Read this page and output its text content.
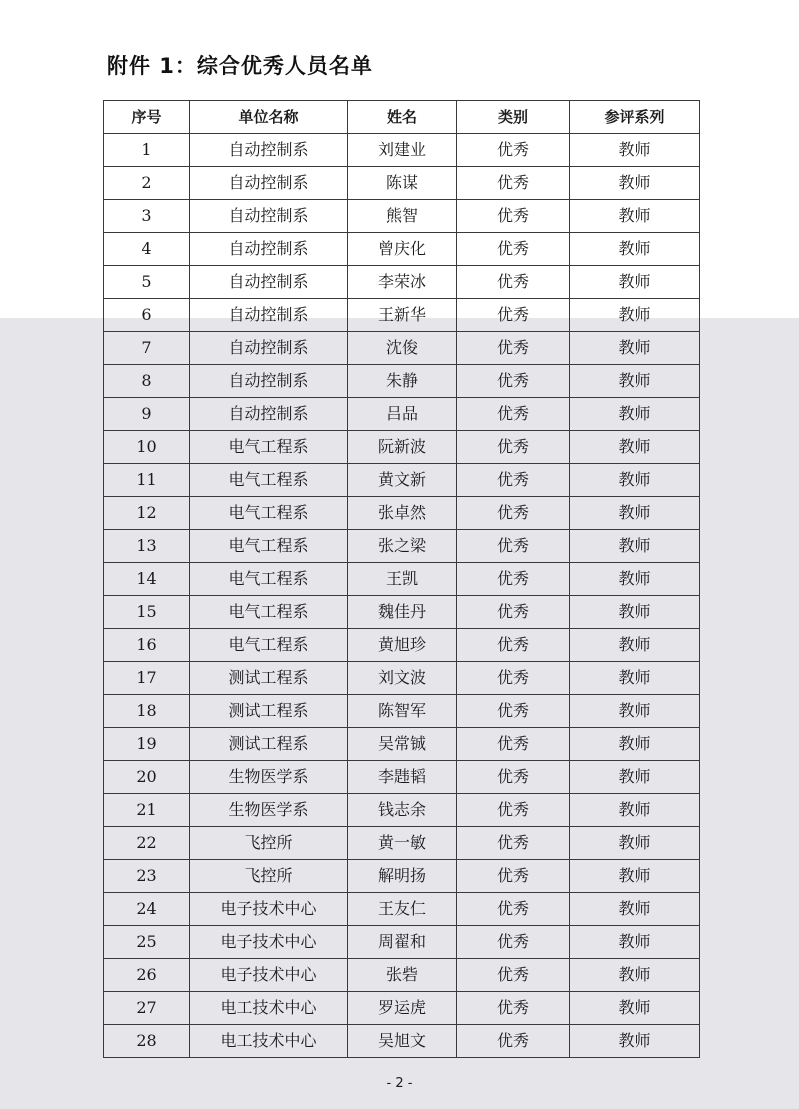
附件 1：综合优秀人员名单
序号	单位名称	姓名	类别	参评系列
1	自动控制系	刘建业	优秀	教师
2	自动控制系	陈谋	优秀	教师
3	自动控制系	熊智	优秀	教师
4	自动控制系	曾庆化	优秀	教师
5	自动控制系	李荣冰	优秀	教师
6	自动控制系	王新华	优秀	教师
7	自动控制系	沈俊	优秀	教师
8	自动控制系	朱静	优秀	教师
9	自动控制系	吕品	优秀	教师
10	电气工程系	阮新波	优秀	教师
11	电气工程系	黄文新	优秀	教师
12	电气工程系	张卓然	优秀	教师
13	电气工程系	张之梁	优秀	教师
14	电气工程系	王凯	优秀	教师
15	电气工程系	魏佳丹	优秀	教师
16	电气工程系	黄旭珍	优秀	教师
17	测试工程系	刘文波	优秀	教师
18	测试工程系	陈智军	优秀	教师
19	测试工程系	吴常铖	优秀	教师
20	生物医学系	李韪韬	优秀	教师
21	生物医学系	钱志余	优秀	教师
22	飞控所	黄一敏	优秀	教师
23	飞控所	解明扬	优秀	教师
24	电子技术中心	王友仁	优秀	教师
25	电子技术中心	周翟和	优秀	教师
26	电子技术中心	张砦	优秀	教师
27	电工技术中心	罗运虎	优秀	教师
28	电工技术中心	吴旭文	优秀	教师
- 2 -
